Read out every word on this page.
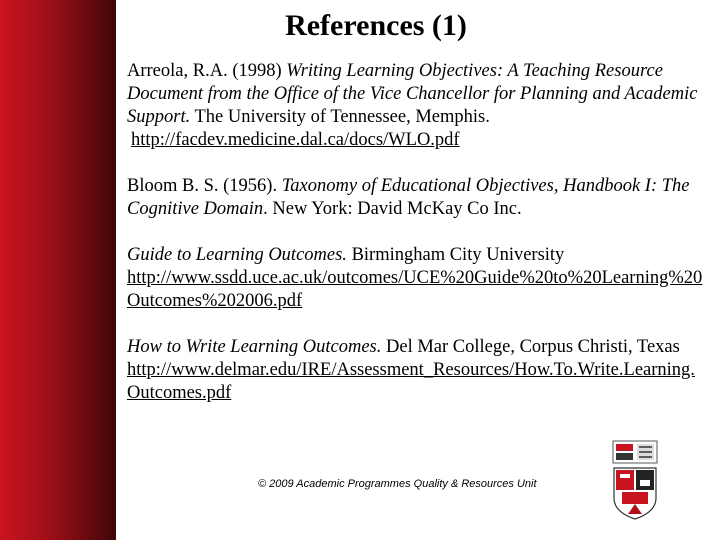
References (1)

Arreola, R.A. (1998) Writing Learning Objectives: A Teaching Resource Document from the Office of the Vice Chancellor for Planning and Academic Support. The University of Tennessee, Memphis.
http://facdev.medicine.dal.ca/docs/WLO.pdf

Bloom B. S. (1956). Taxonomy of Educational Objectives, Handbook I: The Cognitive Domain. New York: David McKay Co Inc.

Guide to Learning Outcomes. Birmingham City University
http://www.ssdd.uce.ac.uk/outcomes/UCE%20Guide%20to%20Learning%20Outcomes%202006.pdf

How to Write Learning Outcomes. Del Mar College, Corpus Christi, Texas
http://www.delmar.edu/IRE/Assessment_Resources/How.To.Write.Learning.Outcomes.pdf

© 2009 Academic Programmes Quality & Resources Unit
